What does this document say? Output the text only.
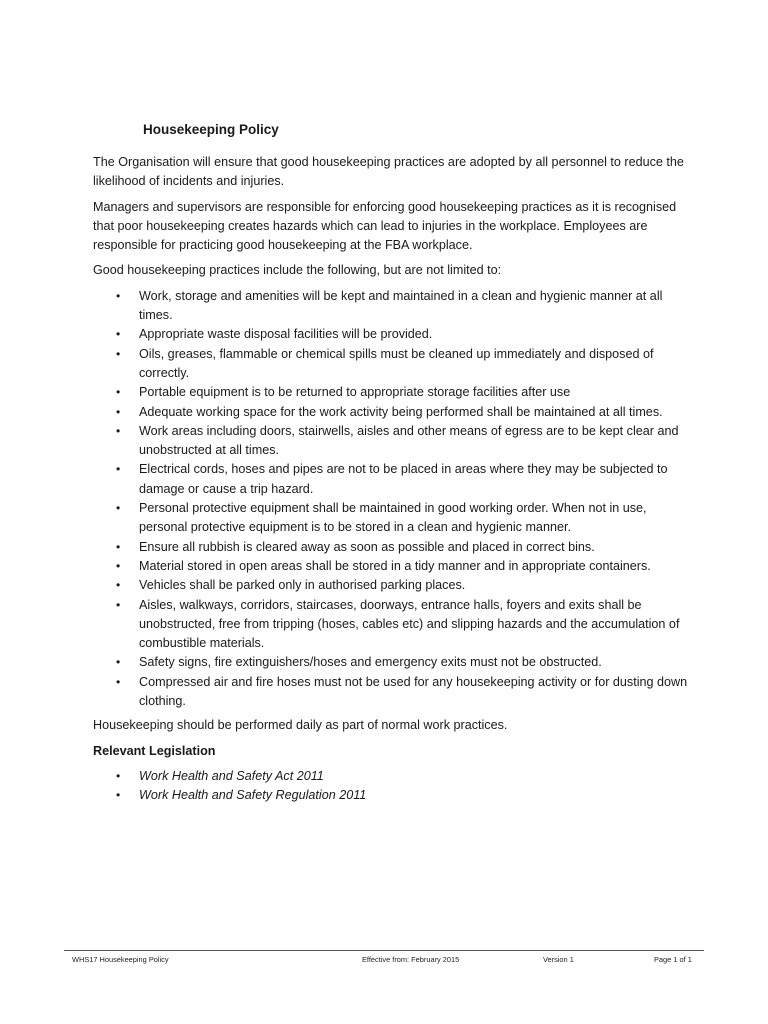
Housekeeping Policy

The Organisation will ensure that good housekeeping practices are adopted by all personnel to reduce the likelihood of incidents and injuries.

Managers and supervisors are responsible for enforcing good housekeeping practices as it is recognised that poor housekeeping creates hazards which can lead to injuries in the workplace. Employees are responsible for practicing good housekeeping at the FBA workplace.

Good housekeeping practices include the following, but are not limited to:

• Work, storage and amenities will be kept and maintained in a clean and hygienic manner at all times.
• Appropriate waste disposal facilities will be provided.
• Oils, greases, flammable or chemical spills must be cleaned up immediately and disposed of correctly.
• Portable equipment is to be returned to appropriate storage facilities after use
• Adequate working space for the work activity being performed shall be maintained at all times.
• Work areas including doors, stairwells, aisles and other means of egress are to be kept clear and unobstructed at all times.
• Electrical cords, hoses and pipes are not to be placed in areas where they may be subjected to damage or cause a trip hazard.
• Personal protective equipment shall be maintained in good working order. When not in use, personal protective equipment is to be stored in a clean and hygienic manner.
• Ensure all rubbish is cleared away as soon as possible and placed in correct bins.
• Material stored in open areas shall be stored in a tidy manner and in appropriate containers.
• Vehicles shall be parked only in authorised parking places.
• Aisles, walkways, corridors, staircases, doorways, entrance halls, foyers and exits shall be unobstructed, free from tripping (hoses, cables etc) and slipping hazards and the accumulation of combustible materials.
• Safety signs, fire extinguishers/hoses and emergency exits must not be obstructed.
• Compressed air and fire hoses must not be used for any housekeeping activity or for dusting down clothing.

Housekeeping should be performed daily as part of normal work practices.

Relevant Legislation

• Work Health and Safety Act 2011
• Work Health and Safety Regulation 2011
WHS17 Housekeeping Policy	Effective from: February 2015	Version 1	Page 1 of 1
